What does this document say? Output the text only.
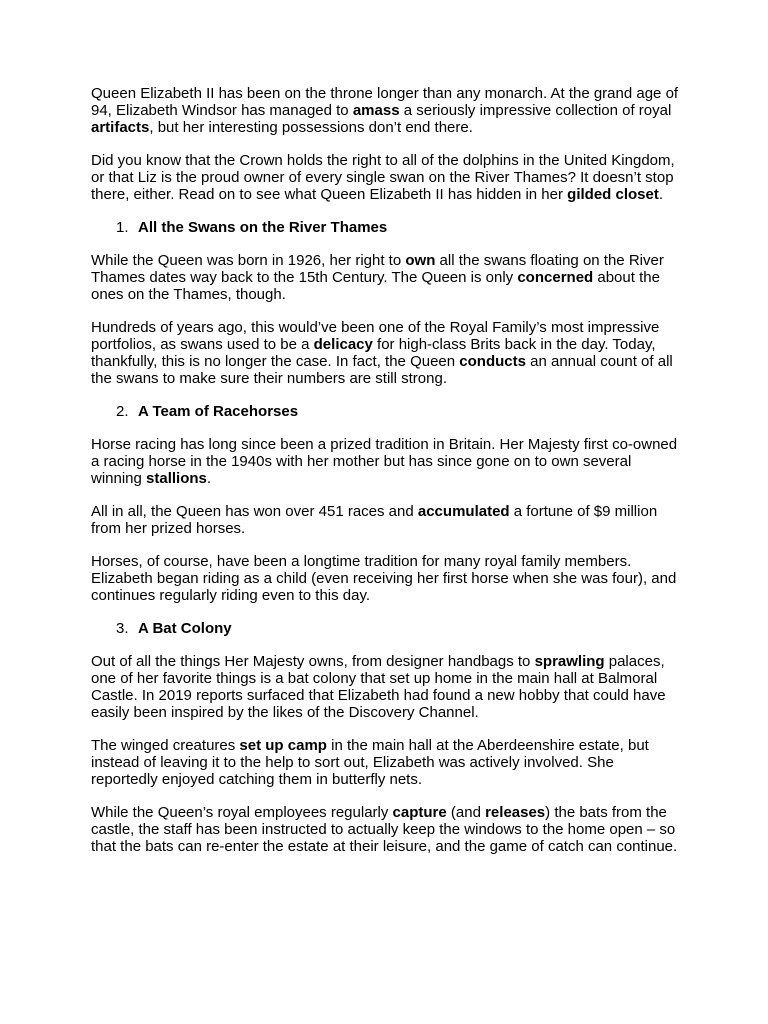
Queen Elizabeth II has been on the throne longer than any monarch. At the grand age of 94, Elizabeth Windsor has managed to amass a seriously impressive collection of royal artifacts, but her interesting possessions don’t end there.

Did you know that the Crown holds the right to all of the dolphins in the United Kingdom, or that Liz is the proud owner of every single swan on the River Thames? It doesn’t stop there, either. Read on to see what Queen Elizabeth II has hidden in her gilded closet.

1. All the Swans on the River Thames

While the Queen was born in 1926, her right to own all the swans floating on the River Thames dates way back to the 15th Century. The Queen is only concerned about the ones on the Thames, though.

Hundreds of years ago, this would’ve been one of the Royal Family’s most impressive portfolios, as swans used to be a delicacy for high-class Brits back in the day. Today, thankfully, this is no longer the case. In fact, the Queen conducts an annual count of all the swans to make sure their numbers are still strong.

2. A Team of Racehorses

Horse racing has long since been a prized tradition in Britain. Her Majesty first co-owned a racing horse in the 1940s with her mother but has since gone on to own several winning stallions.

All in all, the Queen has won over 451 races and accumulated a fortune of $9 million from her prized horses.

Horses, of course, have been a longtime tradition for many royal family members. Elizabeth began riding as a child (even receiving her first horse when she was four), and continues regularly riding even to this day.

3. A Bat Colony

Out of all the things Her Majesty owns, from designer handbags to sprawling palaces, one of her favorite things is a bat colony that set up home in the main hall at Balmoral Castle. In 2019 reports surfaced that Elizabeth had found a new hobby that could have easily been inspired by the likes of the Discovery Channel.

The winged creatures set up camp in the main hall at the Aberdeenshire estate, but instead of leaving it to the help to sort out, Elizabeth was actively involved. She reportedly enjoyed catching them in butterfly nets.

While the Queen’s royal employees regularly capture (and releases) the bats from the castle, the staff has been instructed to actually keep the windows to the home open – so that the bats can re-enter the estate at their leisure, and the game of catch can continue.
